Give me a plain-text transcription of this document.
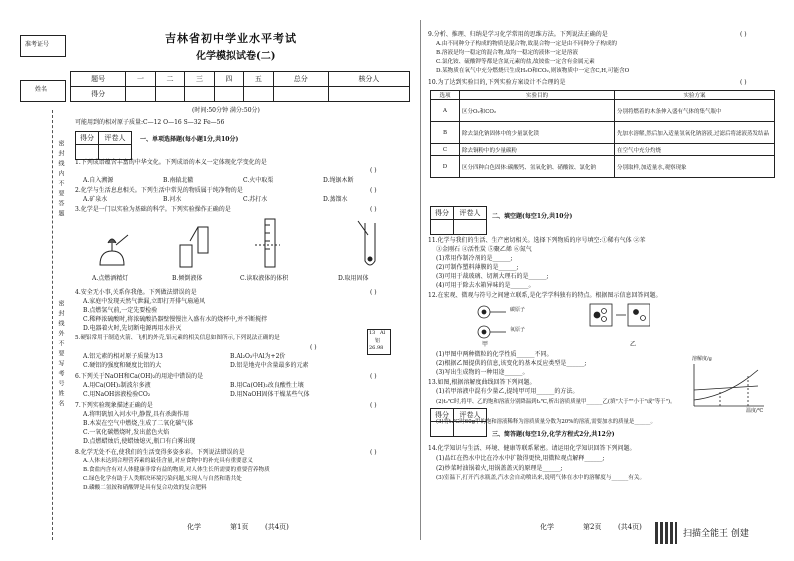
准考证号
姓名
密封线内不要答题
密封线外不要写考号姓名
吉林省初中学业水平考试
化学模拟试卷(二)
题号	一	二	三	四	五	总分	核分人
得分							
(时间:50分钟 满分:50分)
可能用到的相对原子质量:C—12 O—16 S—32 Fe—56
得分	评卷人
	一、单项选择题(每小题1分,共10分)
1.下列成语蕴含丰富的中华文化。下列成语的本义一定体现化学变化的是
( )
A.自入溯源	B.南辕北辙	C.火中取栗	D.绳锯木断
2.化学与生活息息相关。下列生活中常见的物质属于纯净物的是	( )
A.矿泉水	B.河水	C.苏打水	D.蒸馏水
3.化学是一门以实验为基础的科学。下列实验操作正确的是	( )
A.点燃酒精灯	B.倾倒液体	C.读取液体的体积	D.取用固体
4.安全无小事,关系你我他。下列做法错误的是	( )
A.家庭中发现天然气泄漏,立即打开排气扇通风
B.点燃氢气前,一定先要检验
C.稀释浓硫酸时,将浓硫酸沿器壁慢慢注入盛有水的烧杯中,并不断搅拌
D.电器着火时,先切断电源再用水扑灭
5.硬铝常用于制造火箭、飞机的外壳,铝元素的相关信息如图所示,下列说法正确的是
( )
13 Al
铝
26.98
A.铝元素的相对原子质量为13	B.Al₂O₃中Al为+2价
C.硬铝的强度和硬度比铝的大	D.铝是地壳中含量最多的元素
6.下列关于NaOH和Ca(OH)₂的用途中错误的是	( )
A.用Ca(OH)₂制波尔多液	B.用Ca(OH)₂改良酸性土壤
C.用NaOH溶液检验CO₂	D.用NaOH固体干燥某些气体
7.下列实验现象描述正确的是	( )
A.将明矾加入河水中,静置,具有杀菌作用
B.木炭在空气中燃烧,生成了二氧化碳气体
C.一氧化碳燃烧时,发出蓝色火焰
D.点燃蜡烛后,使蜡烛熄灭,瓶口有白雾出现
8.化学无处不在,使我们的生活变得多姿多彩。下列说法错误的是	( )
A.人体未达到合理营养素的最佳含量,对应食物中的补充具有重要意义
B.食盐内含有对人体健康非常有益的物质,对人体生长所需要的重要营养物质
C.绿色化学有助于人类解决环境污染问题,实现人与自然和谐共处
D.磷酸二氢铵和硝酸钾是具有复合功效的复合肥料
化学	第1页 (共4页)
9.分析、推理、归纳是学习化学常用的思维方法。下列说法正确的是	( )
A.由不同种分子构成的物质是混合物,故混合物一定是由不同种分子构成的
B.溶液是均一稳定的混合物,故均一稳定的液体一定是溶液
C.氯化铵、硫酸钾等都是含氮元素的盐,故铵盐一定含有金属元素
D.某物质在氧气中充分燃烧只生成H₂O和CO₂,则该物质中一定含C,H,可能含O
10.为了达到实验目的,下列实验方案设计不合理的是	( )
选项	实验目的	实验方案
A	区分O₂和CO₂	分别将燃着的木条伸入盛有气体的集气瓶中
B	除去氯化钠固体中的少量氯化镁	先加水溶解,然后加入适量氢氧化钠溶液,过滤后将滤液蒸发结晶
C	除去铜粉中的少量碳粉	在空气中充分灼烧
D	区分四种白色固体:碳酸钙、氢氧化钠、硝酸铵、氯化钠	分别取样,加适量水,观察现象
得分	评卷人
	二、填空题(每空1分,共10分)
11.化学与我们的生活、生产密切相关。选择下列物质的序号填空:①稀有气体 ②苯
③金刚石 ④活性炭 ⑤聚乙烯 ⑥氮气
(1)常用作制冷剂的是______;
(2)可制作塑料薄膜的是______;
(3)可用于裁玻璃、切割大理石的是______;
(4)可用于除去水箱异味的是______。
12.在宏观、微观与符号之间建立联系,是化学学科独有的特点。根据图示信息回答问题。
碳原子
氧原子
甲	乙
(1)甲图中两种微粒的化学性质______不同。
(2)根据乙图提供的信息,该变化的基本反应类型是______;
(3)写出生成物的一种用途______。
13.如图,根据溶解度曲线回答下列问题。
(1)若甲溶液中混有少量乙,提纯甲可用______的方法。
(2)t₂℃时,将甲、乙的饱和溶液分别降温到t₁℃,析出溶质质量甲______乙(填"大于""小于"或"等于")。
(3)将t₁℃时60g甲的饱和溶液稀释为溶质质量分数为20%的溶液,需要加水的质量是______。
溶解度/g
温度/℃
得分	评卷人

三、简答题(每空1分,化学方程式2分,共12分)
14.化学知识与生活、环境、健康等联系紧密。请运用化学知识回答下列问题。
(1)品红在热水中比在冷水中扩散得更快,用微粒观点解释______;
(2)炒菜时油锅着火,用锅盖盖灭的原理是______;
(3)室温下,打开汽水瓶盖,汽水会自动喷出来,说明气体在水中的溶解度与______有关。
化学	第2页 (共4页)
扫描全能王 创建
